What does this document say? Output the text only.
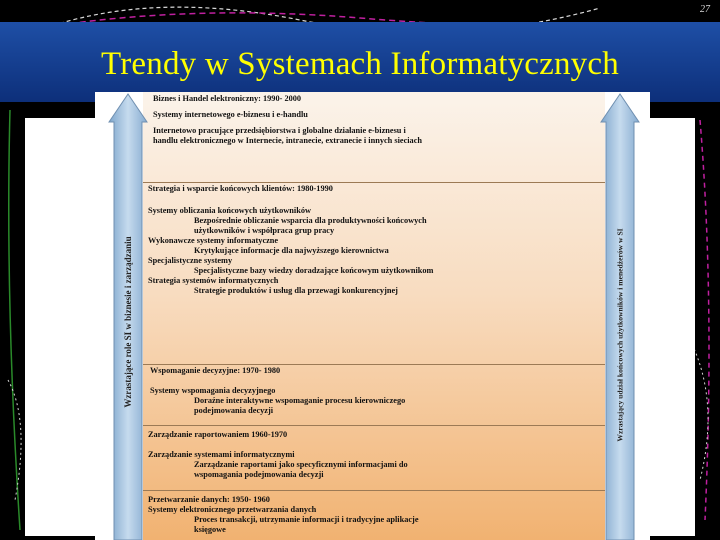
27
Trendy w Systemach Informatycznych
Biznes i Handel elektroniczny: 1990- 2000
Systemy internetowego e-biznesu i e-handlu
Internetowo pracujące przedsiębiorstwa i globalne działanie e-biznesu i
handlu elektronicznego w Internecie, intranecie, extranecie i innych sieciach
Strategia i wsparcie końcowych klientów: 1980-1990
Systemy obliczania końcowych użytkowników
Bezpośrednie obliczanie wsparcia dla produktywności końcowych
użytkowników i współpraca grup pracy
Wykonawcze systemy informatyczne
Krytykujące informacje dla najwyższego kierownictwa
Specjalistyczne systemy
Specjalistyczne bazy wiedzy doradzające końcowym użytkownikom
Strategia systemów informatycznych
Strategie produktów i usług dla przewagi konkurencyjnej
Wspomaganie decyzyjne: 1970- 1980
Systemy wspomagania decyzyjnego
Doraźne interaktywne wspomaganie procesu kierowniczego
podejmowania decyzji
Zarządzanie raportowaniem 1960-1970
Zarządzanie systemami informatycznymi
Zarządzanie raportami jako specyficznymi informacjami do
wspomagania podejmowania decyzji
Przetwarzanie danych: 1950- 1960
Systemy elektronicznego przetwarzania danych
Proces transakcji, utrzymanie informacji i tradycyjne aplikacje
księgowe
Wzrastające role SI w biznesie i zarządzaniu	Wzrastający udział końcowych użytkowników i menedżerów w SI
